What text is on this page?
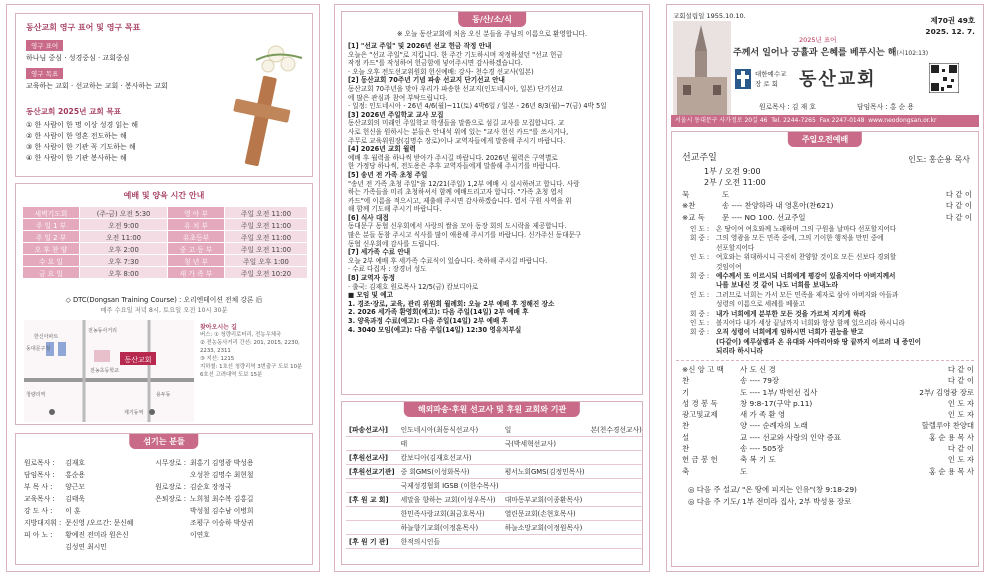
동산교회 영구 표어 및 영구 목표
영구 표어
하나님 중심 · 성경중심 · 교회중심
영구 목표
교육하는 교회 · 선교하는 교회 · 봉사하는 교회
동산교회 2025년 교회 목표
① 한 사람이 한 명 이상 성경 읽는 해
② 한 사람이 한 영혼 전도하는 해
③ 한 사람이 한 기관 꼭 기도하는 해
④ 한 사람이 한 기관 봉사하는 해
예배 및 양육 시간 안내
새벽기도회	(주-금) 오전 5:30	영 아 부	주일 오전 11:00
주 일 1 부	오전 9:00	유 치 부	주일 오전 11:00
주 일 2 부	오전 11:00	유초등부	주일 오전 11:00
오 후 찬 양	오후 2:00	중 고 등 부	주일 오전 11:00
수 요 일	오후 7:30	청 년 부	주일 오후 1:00
금 요 일	오후 8:00	새 가 족 부	주일 오전 10:20
◇ DTC(Dongsan Training Course) : 오리엔테이션 전체 강론 后
매주 수요일 저녁 8시, 토요일 오전 10시 30분
동산교회
전농동사거리
동대문구청
청량리역	용두동
제기동역
한신아파트
전농초등학교
찾아오시는 길
버스: ① 청량리로터리, 전농우체국
② 전농동사거리 간선: 201, 2015, 2230,
2233, 2311
③ 지선: 1215
지하철: 1호선 청량리역 3번출구 도보 10분
6호선 고려대역 도보 15분
섬기는 분들
원로목사 :	김재호	시무장로 :	최홍기 김영광 박성용
담임목사 :	홍순용		오성찬 김명수 최현철
부 목 사 :	양근모	원로장로 :	김순호 장정국
교육목사 :	김태욱	은퇴장로 :	노희철 최수복 김홍길
강 도 사 :	이 훈		박성철 김수남 이병희
지방대지휘 :	문신영 /오르간: 문신혜		조평구 이승하 박상귀
피 아 노 :	황예진 전미라 원은신		이연호
	김성연 최시민		
동/산/소/식
※ 오늘 동산교회에 처음 오신 분들을 주님의 이름으로 환영합니다.
[1] "선교 주일" 및 2026년 선교 헌금 작정 안내
오늘은 "선교 주일"로 지킵니다. 한 주간 기도하시며 작정하셨던 "선교 헌금
작정 카드"를 작성하여 헌금함에 넣어주시면 감사하겠습니다.
· 오늘 오후 전도선교위원회 헌신예배: 강사- 천수경 선교사(일본)
[2] 동산교회 70주년 기념 파송 선교지 단기선교 안내
동산교회 70주년을 맞아 우리가 파송한 선교지(인도네시아, 일본) 단기선교
에 많은 관심과 참여 부탁드립니다.
· 일정: 인도네시아 - 26년 4/6(월)~11(토) 4박6일 / 일본 - 26년 8/3(월)~7(금) 4박 5일
[3] 2026년 주일학교 교사 모집
동산교회의 미래인 주일학교 학생들을 말씀으로 섬길 교사를 모집합니다. 교
사로 헌신을 원하시는 분들은 안내석 위에 있는 "교사 헌신 카드"를 쓰시거나,
주무로 교육위원장(김명수 장로)이나 교역자들에게 말씀해 주시기 바랍니다.
[4] 2026년 교회 월력
예배 후 월력을 하나씩 받아가 주시길 바랍니다. 2026년 월력은 구역별로
한 가정당 하나씩, 전도용은 추후 교역자들에게 말씀해 주시기를 바랍니다.
[5] 송년 전 가족 초청 주일
"송년 전 가족 초청 주일"을 12/21(주일) 1,2부 예배 시 실시하려고 합니다. 사랑
하는 가족들을 미리 초청하셔서 함께 예배드리고자 합니다. "가족 초청 엽서
카드"에 이름을 적으시고, 제출해 주시면 감사하겠습니다. 엽서 구원 사역을 위
해 함께 기도해 주시기 바랍니다.
[6] 식사 대접
동대문구 동협 신우회에서 사랑의 쌀을 모아 동장 회의 도시락을 제공합니다.
많은 분들 동참 주시고 식사를 많이 애용해 주시기를 바랍니다. 신가주신 동대문구
동협 신우회에 감사를 드립니다.
[7] 세가족 수료 안내
오늘 2부 예배 후 세가족 수료식이 있습니다. 축하해 주시길 바랍니다.
· 수료 다집자 : 장경녀 성도
[8] 교역자 동정
· 출국: 김재호 원로목사 12/5(금) 캄보디아로
■ 모임 및 예고
1. 경조·장로, 교육, 관리 위원회 월례회: 오늘 2부 예배 후 정해진 장소
2. 2026 세가족 환영회(예고): 다음 주일(14일) 2부 예배 후
3. 양육과정 수료(예고): 다음 주일(14일) 2부 예배 후
4. 3040 모임(예고): 다음 주일(14일) 12:30 영유치부실
해외파송·후원 선교사 및 후원 교회와 기관
[파송선교사]	인도네시아(최동식선교사)	일	본(천수경선교사)
	태	국(박세혁선교사)	
[후원선교사]	캄보디아(김재호선교사)		
[후원선교기관]	중 회GMS(이성화목사)	평서노회GMS(김정민목사)	
	국제성경협회 IGSB (이한수목사)		
[후 원 교 회]	세말을 향하는 교회(이성우목사)	대마동부교회(이종환목사)	
	한민족사랑교회(최금호목사)	열린문교회(손현호목사)	
	하늘향기교회(이정훈목사)	하늘소망교회(이정원목사)	
[후 원 기 관]	한적의시인들		
교회설립일 1955.10.10.	제70권 49호
2025. 12. 7.
2025년 표어
주께서 일어나 긍휼과 은혜를 베푸시는 해(시102:13)
대한예수교
장 로 회 동산교회
원로목사 : 김 재 호	담임목사 : 홍 순 용
서울시 동대문구 사가정로 20길 46 Tel. 2244-7265 Fax 2247-0148 www.neodongsan.or.kr
주일오전예배
선교주일	인도: 홍순용 목사
1부 / 오전 9:00
2부 / 오전 11:00
묵	도	다 같 이
※찬	송 ---- 찬양하라 내 영혼아(찬621)	다 같 이
※교 독	문 ---- NO 100. 선교주일	다 같 이
인 도 :	온 땅이여 여호와께 노래하며 그의 구원을 날마다 선포할지어다
회 중 :	그의 영광을 모든 민족 중에, 그의 기이한 행적을 만민 중에
선포할지어다
인 도 :	여호와는 위대하시니 극진히 찬양할 것이요 모든 신보다 경외할
것임이여
회 중 :	예수께서 또 이르시되 너희에게 평강이 있을지어다 아버지께서
나를 보내신 것 같이 나도 너희를 보내노라
인 도 :	그러므로 너희는 가서 모든 민족을 제자로 삼아 아버지와 아들과
성령의 이름으로 세례를 베풀고
회 중 :	내가 너희에게 분부한 모든 것을 가르쳐 지키게 하라
인 도 :	볼지어다 내가 세상 끝날까지 너희와 항상 함께 있으리라 하시니라
회 중 :	오직 성령이 너희에게 임하시면 너희가 권능을 받고
(다같이) 예루살렘과 온 유대와 사마리아와 땅 끝까지 이르러 내 증인이
되리라 하시니라
※신 앙 고 백	사 도 신 경	다 같 이
찬	송 ---- 79장	다 같 이
기	도 ---- 1부/ 박헌선 집사	2부/ 김영광 장로
성 경 봉 독	창 9:8-17(구약 p.11)	인 도 자
광고및교제	새 가 족 환 영	인 도 자
찬	양 ---- 순례자의 노래	할렐루야 찬양대
설	교 ---- 선교와 사랑의 인약 증표	홍 순 용 목 사
찬	송 ---- 505장	다 같 이
헌 금 봉 헌	축 복 기 도	인 도 자
축	도	홍 순 용 목 사
◎ 다음 주 설교/ "온 땅에 피지는 인유"(창 9:18-29)
◎ 다음 주 기도/ 1부 전미라 집사, 2부 박성용 장로
